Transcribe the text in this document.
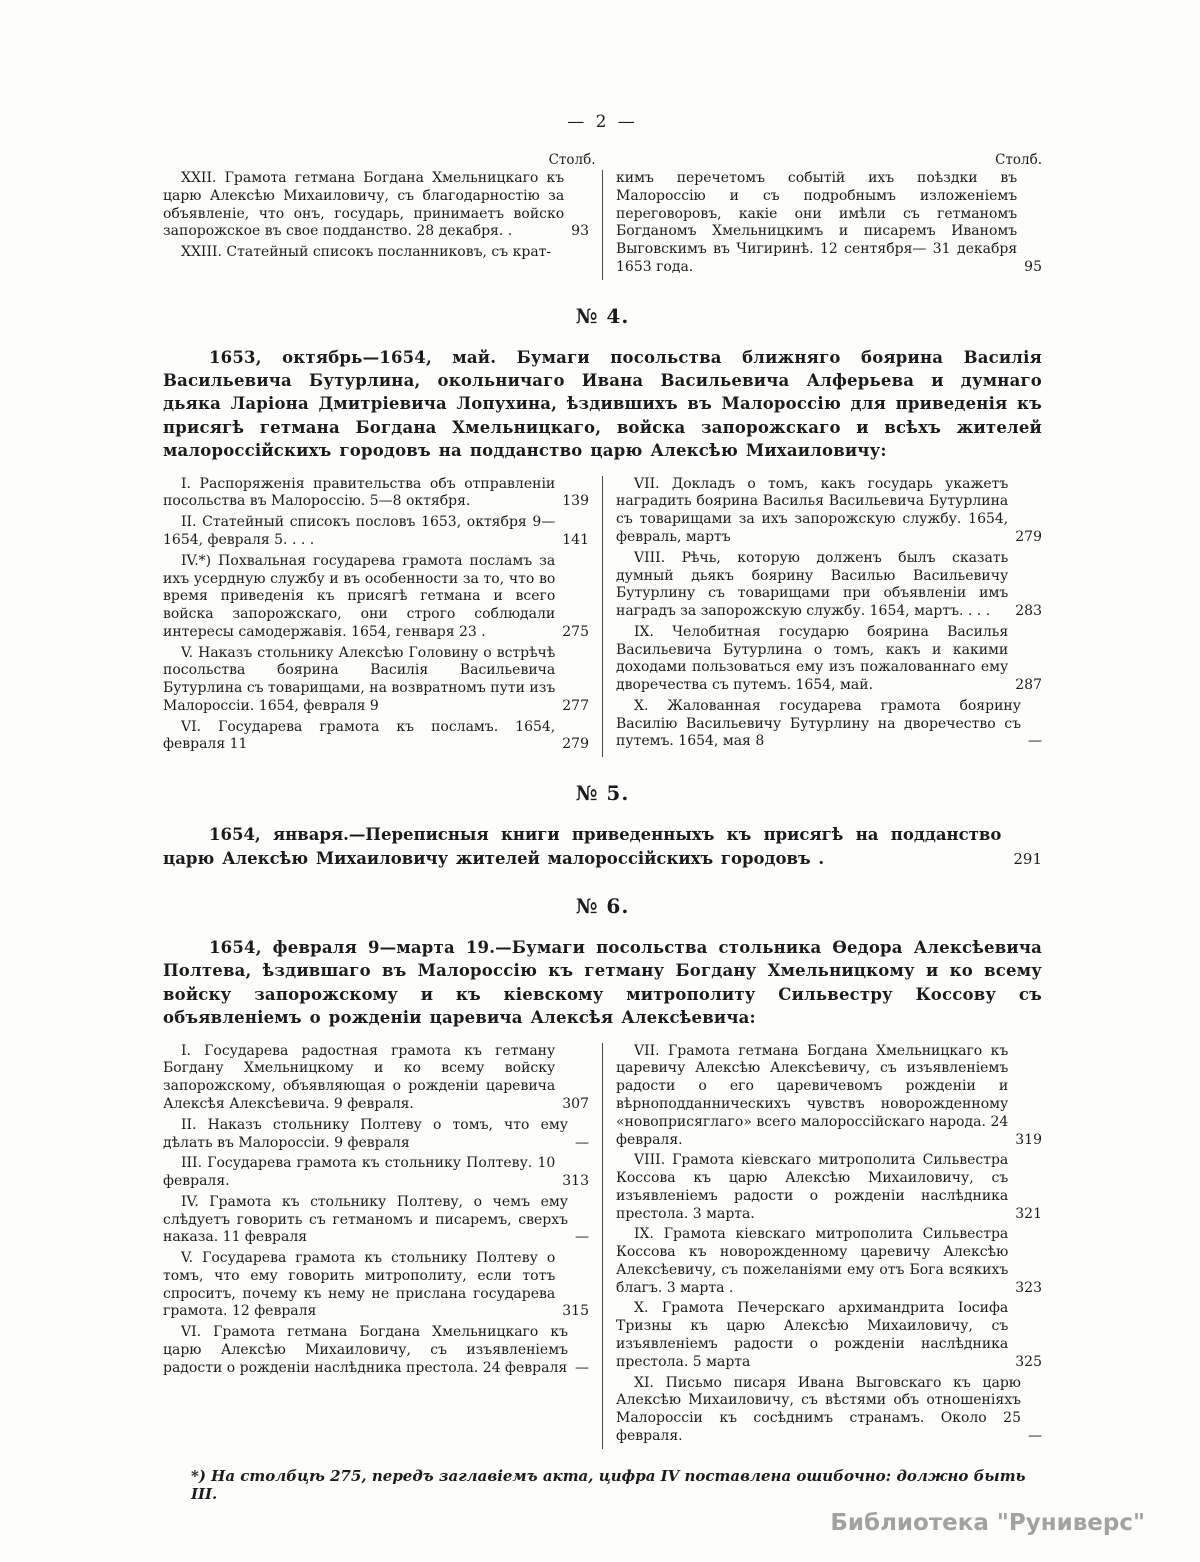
— 2 —
Столб.	Столб.
XXII. Грамота гетмана Богдана Хмельницкаго къ царю Алексѣю Михаиловичу, съ благодарностію за объявленіе, что онъ, государь, принимаетъ войско запорожское въ свое подданство. 28 декабря. .	93
XXIII. Статейный списокъ посланниковъ, съ крат-
кимъ перечетомъ событій ихъ поѣздки въ Малороссію и съ подробнымъ изложеніемъ переговоровъ, какіе они имѣли съ гетманомъ Богданомъ Хмельницкимъ и писаремъ Иваномъ Выговскимъ въ Чигиринѣ. 12 сентября— 31 декабря 1653 года.	95
№ 4.
1653, октябрь—1654, май. Бумаги посольства ближняго боярина Василія Васильевича Бутурлина, окольничаго Ивана Васильевича Алферьева и думнаго дьяка Ларіона Дмитріевича Лопухина, ѣздившихъ въ Малороссію для приведенія къ присягѣ гетмана Богдана Хмельницкаго, войска запорожскаго и всѣхъ жителей малороссійскихъ городовъ на подданство царю Алексѣю Михаиловичу:
I. Распоряженія правительства объ отправленіи посольства въ Малороссію. 5—8 октября.	139
II. Статейный списокъ пословъ 1653, октября 9—1654, февраля 5. . . .	141
IV.*) Похвальная государева грамота посламъ за ихъ усердную службу и въ особенности за то, что во время приведенія къ присягѣ гетмана и всего войска запорожскаго, они строго соблюдали интересы самодержавія. 1654, генваря 23 .	275
V. Наказъ стольнику Алексѣю Головину о встрѣчѣ посольства боярина Василія Васильевича Бутурлина съ товарищами, на возвратномъ пути изъ Малороссіи. 1654, февраля 9	277
VI. Государева грамота къ посламъ. 1654, февраля 11	279
VII. Докладъ о томъ, какъ государь укажетъ наградить боярина Василья Васильевича Бутурлина съ товарищами за ихъ запорожскую службу. 1654, февраль, мартъ	279
VIII. Рѣчь, которую долженъ былъ сказать думный дьякъ боярину Василью Васильевичу Бутурлину съ товарищами при объявленіи имъ наградъ за запорожскую службу. 1654, мартъ. . . .	283
IX. Челобитная государю боярина Василья Васильевича Бутурлина о томъ, какъ и какими доходами пользоваться ему изъ пожалованнаго ему дворечества съ путемъ. 1654, май.	287
X. Жалованная государева грамота боярину Василію Васильевичу Бутурлину на дворечество съ путемъ. 1654, мая 8	—
№ 5.
1654, января.—Переписныя книги приведенныхъ къ присягѣ на подданство царю Алексѣю Михаиловичу жителей малороссійскихъ городовъ .	291
№ 6.
1654, февраля 9—марта 19.—Бумаги посольства стольника Ѳедора Алексѣевича Полтева, ѣздившаго въ Малороссію къ гетману Богдану Хмельницкому и ко всему войску запорожскому и къ кіевскому митрополиту Сильвестру Коссову съ объявленіемъ о рожденіи царевича Алексѣя Алексѣевича:
I. Государева радостная грамота къ гетману Богдану Хмельницкому и ко всему войску запорожскому, объявляющая о рожденіи царевича Алексѣя Алексѣевича. 9 февраля.	307
II. Наказъ стольнику Полтеву о томъ, что ему дѣлать въ Малороссіи. 9 февраля	—
III. Государева грамота къ стольнику Полтеву. 10 февраля.	313
IV. Грамота къ стольнику Полтеву, о чемъ ему слѣдуетъ говорить съ гетманомъ и писаремъ, сверхъ наказа. 11 февраля	—
V. Государева грамота къ стольнику Полтеву о томъ, что ему говорить митрополиту, если тотъ спроситъ, почему къ нему не прислана государева грамота. 12 февраля	315
VI. Грамота гетмана Богдана Хмельницкаго къ царю Алексѣю Михаиловичу, съ изъявленіемъ радости о рожденіи наслѣдника престола. 24 февраля —
VII. Грамота гетмана Богдана Хмельницкаго къ царевичу Алексѣю Алексѣевичу, съ изъявленіемъ радости о его царевичевомъ рожденіи и вѣрноподданническихъ чувствъ новорожденному «новоприсяглаго» всего малороссійскаго народа. 24 февраля.	319
VIII. Грамота кіевскаго митрополита Сильвестра Коссова къ царю Алексѣю Михаиловичу, съ изъявленіемъ радости о рожденіи наслѣдника престола. 3 марта.	321
IX. Грамота кіевскаго митрополита Сильвестра Коссова къ новорожденному царевичу Алексѣю Алексѣевичу, съ пожеланіями ему отъ Бога всякихъ благъ. 3 марта .	323
X. Грамота Печерскаго архимандрита Іосифа Тризны къ царю Алексѣю Михаиловичу, съ изъявленіемъ радости о рожденіи наслѣдника престола. 5 марта	325
XI. Письмо писаря Ивана Выговскаго къ царю Алексѣю Михаиловичу, съ вѣстями объ отношеніяхъ Малороссіи къ сосѣднимъ странамъ. Около 25 февраля.	—
*) На столбцѣ 275, передъ заглавіемъ акта, цифра IV поставлена ошибочно: должно быть III.
Библиотека "Руниверс"
